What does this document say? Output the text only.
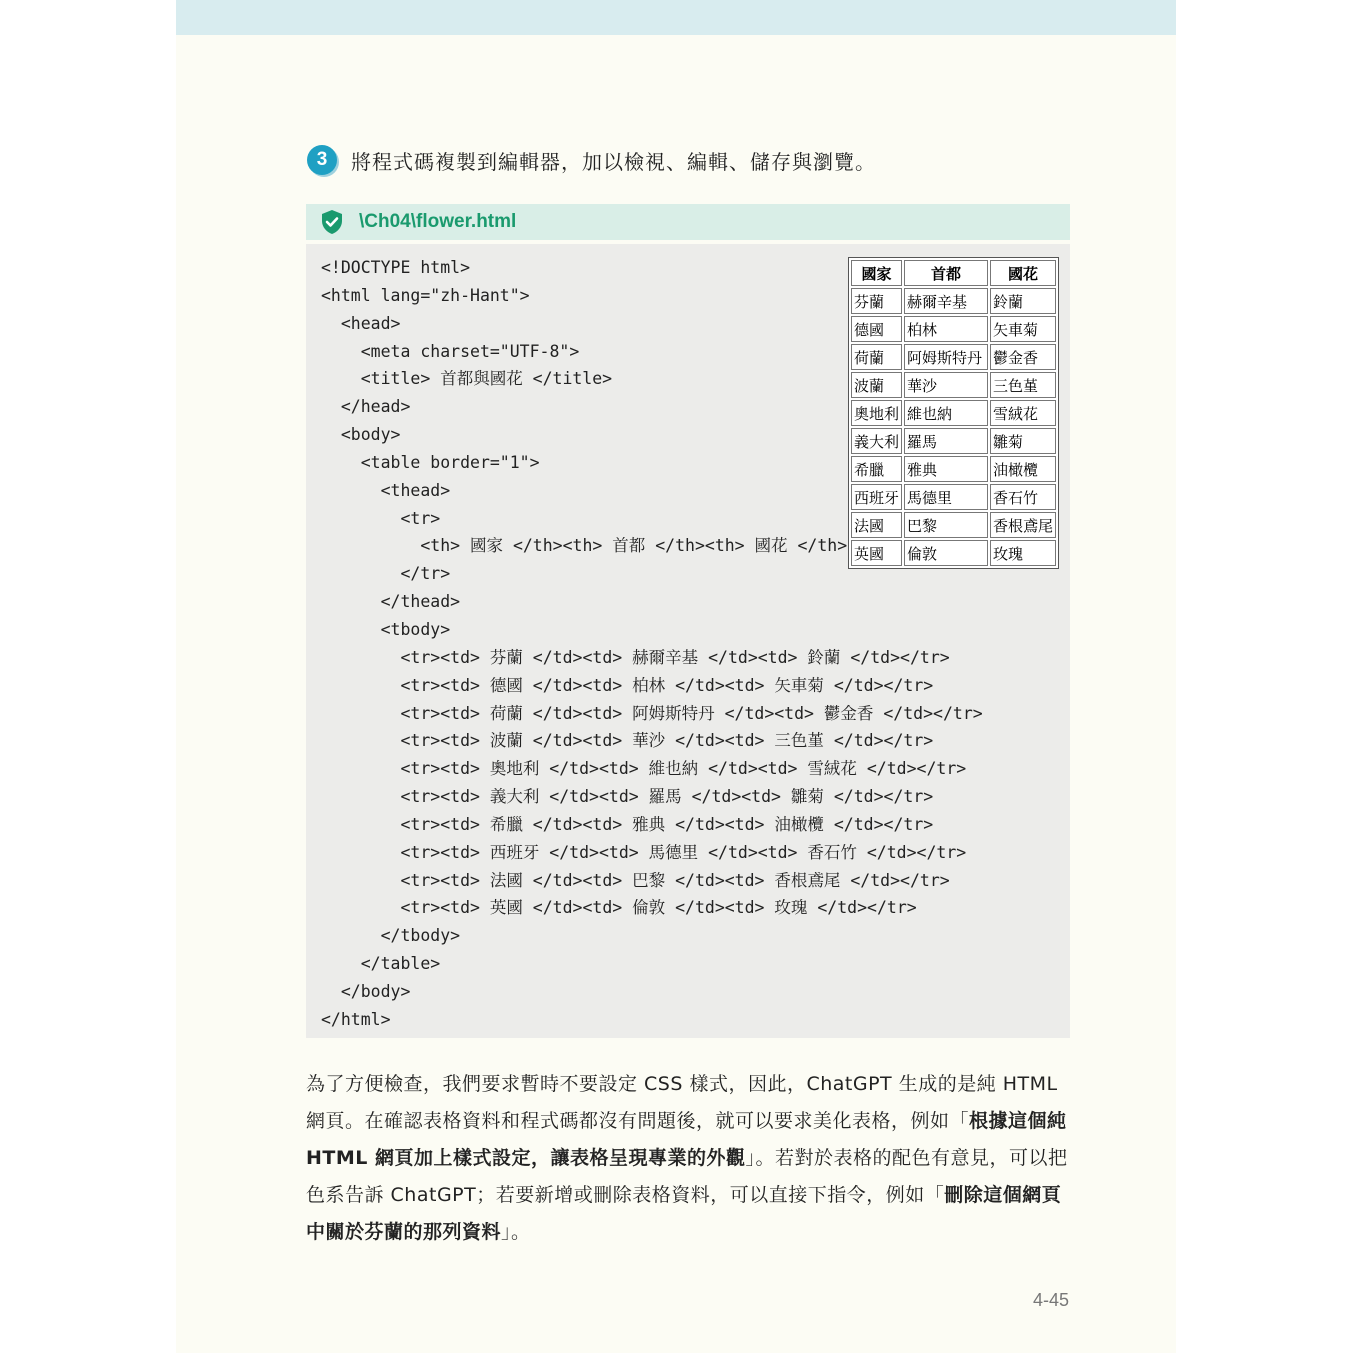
3	將程式碼複製到編輯器，加以檢視、編輯、儲存與瀏覽。
\Ch04\flower.html
<!DOCTYPE html>
<html lang="zh-Hant">
<head>
<meta charset="UTF-8">
<title> 首都與國花 </title>
</head>
<body>
<table border="1">
<thead>
<tr>
<th> 國家 </th><th> 首都 </th><th> 國花 </th>
</tr>
</thead>
<tbody>
<tr><td> 芬蘭 </td><td> 赫爾辛基 </td><td> 鈴蘭 </td></tr>
<tr><td> 德國 </td><td> 柏林 </td><td> 矢車菊 </td></tr>
<tr><td> 荷蘭 </td><td> 阿姆斯特丹 </td><td> 鬱金香 </td></tr>
<tr><td> 波蘭 </td><td> 華沙 </td><td> 三色堇 </td></tr>
<tr><td> 奧地利 </td><td> 維也納 </td><td> 雪絨花 </td></tr>
<tr><td> 義大利 </td><td> 羅馬 </td><td> 雛菊 </td></tr>
<tr><td> 希臘 </td><td> 雅典 </td><td> 油橄欖 </td></tr>
<tr><td> 西班牙 </td><td> 馬德里 </td><td> 香石竹 </td></tr>
<tr><td> 法國 </td><td> 巴黎 </td><td> 香根鳶尾 </td></tr>
<tr><td> 英國 </td><td> 倫敦 </td><td> 玫瑰 </td></tr>
</tbody>
</table>
</body>
</html>
國家	首都	國花
芬蘭	赫爾辛基	鈴蘭
德國	柏林	矢車菊
荷蘭	阿姆斯特丹	鬱金香
波蘭	華沙	三色堇
奧地利	維也納	雪絨花
義大利	羅馬	雛菊
希臘	雅典	油橄欖
西班牙	馬德里	香石竹
法國	巴黎	香根鳶尾
英國	倫敦	玫瑰
為了方便檢查，我們要求暫時不要設定 CSS 樣式，因此，ChatGPT 生成的是純 HTML 網頁。在確認表格資料和程式碼都沒有問題後，就可以要求美化表格，例如「根據這個純 HTML 網頁加上樣式設定，讓表格呈現專業的外觀」。若對於表格的配色有意見，可以把色系告訴 ChatGPT；若要新增或刪除表格資料，可以直接下指令，例如「刪除這個網頁中關於芬蘭的那列資料」。
4-45
